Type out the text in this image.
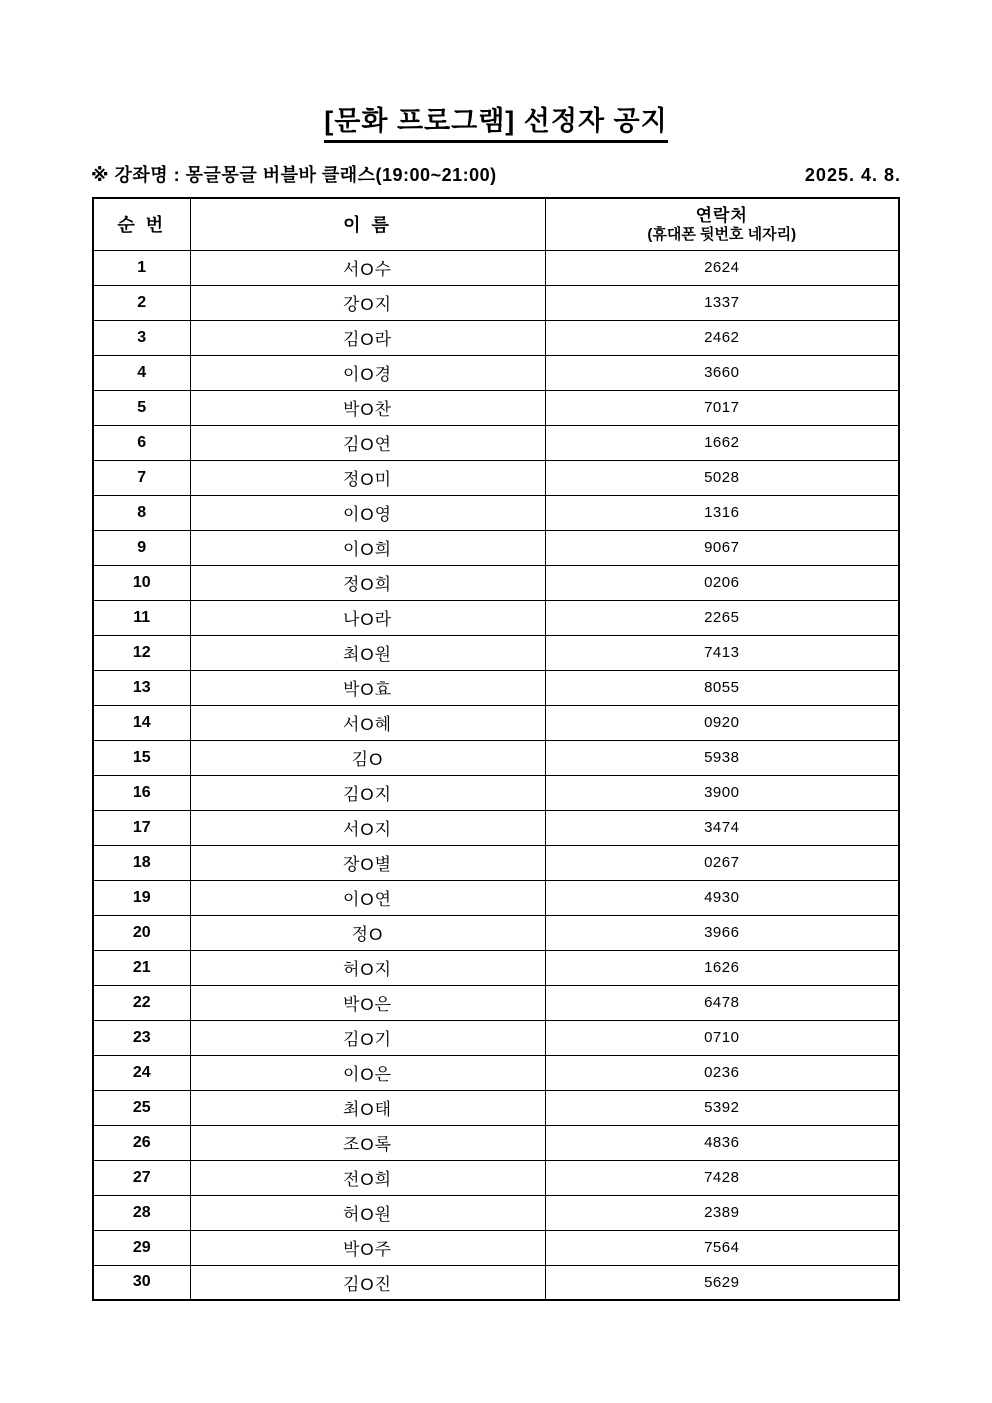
[문화 프로그램] 선정자 공지
※ 강좌명 : 몽글몽글 버블바 클래스(19:00~21:00)	2025. 4. 8.
순 번	이 름	연락처
(휴대폰 뒷번호 네자리)

1	서O수	2624
2	강O지	1337
3	김O라	2462
4	이O경	3660
5	박O찬	7017
6	김O연	1662
7	정O미	5028
8	이O영	1316
9	이O희	9067
10	정O희	0206
11	나O라	2265
12	최O원	7413
13	박O효	8055
14	서O혜	0920
15	김O	5938
16	김O지	3900
17	서O지	3474
18	장O별	0267
19	이O연	4930
20	정O	3966
21	허O지	1626
22	박O은	6478
23	김O기	0710
24	이O은	0236
25	최O태	5392
26	조O록	4836
27	전O희	7428
28	허O원	2389
29	박O주	7564
30	김O진	5629
